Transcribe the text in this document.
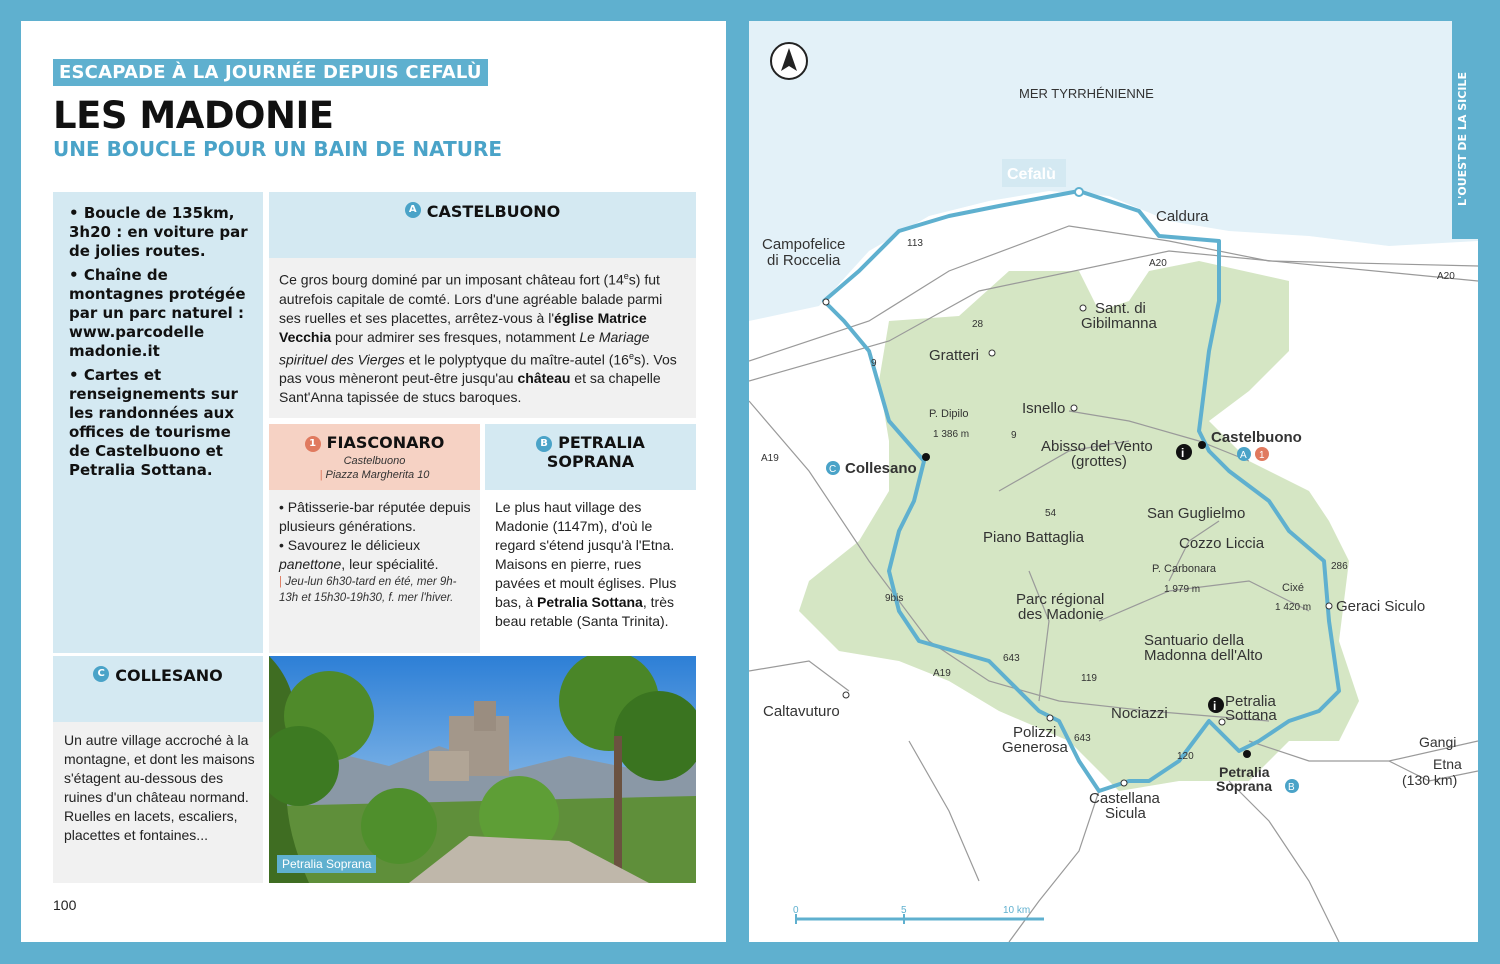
ESCAPADE À LA JOURNÉE DEPUIS CEFALÙ
LES MADONIE
UNE BOUCLE POUR UN BAIN DE NATURE

• Boucle de 135km, 3h20 : en voiture par de jolies routes.

• Chaîne de montagnes protégée par un parc naturel : www.parcodelle madonie.it

• Cartes et renseignements sur les randonnées aux offices de tourisme de Castelbuono et Petralia Sottana.

A CASTELBUONO
Ce gros bourg dominé par un imposant château fort (14es) fut autrefois capitale de comté. Lors d'une agréable balade parmi ses ruelles et ses placettes, arrêtez-vous à l'église Matrice Vecchia pour admirer ses fresques, notamment Le Mariage spirituel des Vierges et le polyptyque du maître-autel (16es). Vos pas vous mèneront peut-être jusqu'au château et sa chapelle Sant'Anna tapissée de stucs baroques.
1 FIASCONARO
Castelbuono
| Piazza Margherita 10
• Pâtisserie-bar réputée depuis plusieurs générations.
• Savourez le délicieux panettone, leur spécialité.
| Jeu-lun 6h30-tard en été, mer 9h-13h et 15h30-19h30, f. mer l'hiver.
B PETRALIA
SOPRANA
Le plus haut village des Madonie (1147m), d'où le regard s'étend jusqu'à l'Etna. Maisons en pierre, rues pavées et moult églises. Plus bas, à Petralia Sottana, très beau retable (Santa Trinita).
C COLLESANO
Un autre village accroché à la montagne, et dont les maisons s'étagent au-dessous des ruines d'un château normand. Ruelles en lacets, escaliers, placettes et fontaines...
Petralia Soprana
100
MER TYRRHÉNIENNE
Cefalù
Caldura
Campofelice
di Roccelia
Sant. di
Gibilmanna
Gratteri
P. Dipilo
1 386 m
Isnello
Castelbuono
Abisso del Vento
(grottes)
Collesano
San Guglielmo
Piano Battaglia	Cozzo Liccia
P. Carbonara
1 979 m	Cixé
1 420 m Geraci Siculo
Parc régional
des Madonie
Santuario della
Madonna dell'Alto
Caltavuturo	Nociazzi
Petralia
Sottana
Polizzi
Generosa
Petralia
Soprana
Gangi
Etna
(130 km)
Castellana
Sicula
A20
A20
A19
A19
113
28
9
9
54
286
9bis
643
643
119
120
i
i
A 1
B
C
0	5	10 km
L'OUEST DE LA SICILE
